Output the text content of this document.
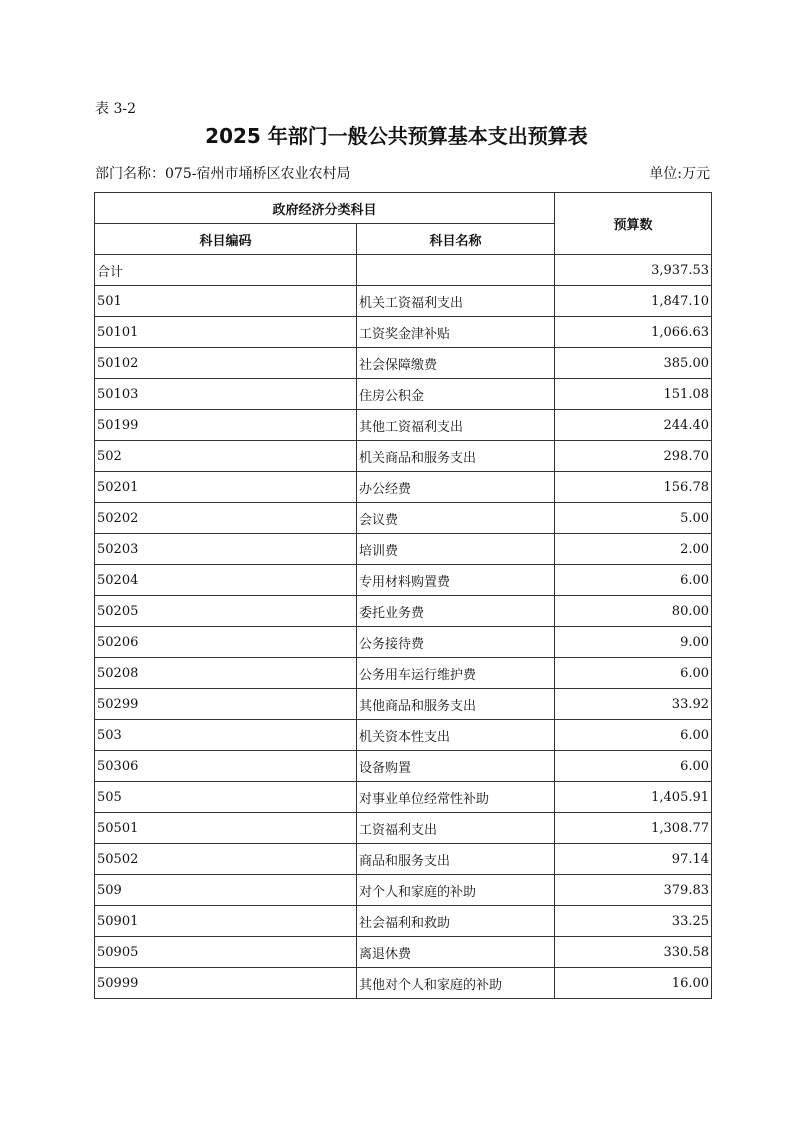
表 3-2
2025 年部门一般公共预算基本支出预算表
部门名称：075-宿州市埇桥区农业农村局	单位:万元
政府经济分类科目		预算数
科目编码	科目名称	
合计		3,937.53
501	机关工资福利支出	1,847.10
50101	工资奖金津补贴	1,066.63
50102	社会保障缴费	385.00
50103	住房公积金	151.08
50199	其他工资福利支出	244.40
502	机关商品和服务支出	298.70
50201	办公经费	156.78
50202	会议费	5.00
50203	培训费	2.00
50204	专用材料购置费	6.00
50205	委托业务费	80.00
50206	公务接待费	9.00
50208	公务用车运行维护费	6.00
50299	其他商品和服务支出	33.92
503	机关资本性支出	6.00
50306	设备购置	6.00
505	对事业单位经常性补助	1,405.91
50501	工资福利支出	1,308.77
50502	商品和服务支出	97.14
509	对个人和家庭的补助	379.83
50901	社会福利和救助	33.25
50905	离退休费	330.58
50999	其他对个人和家庭的补助	16.00
